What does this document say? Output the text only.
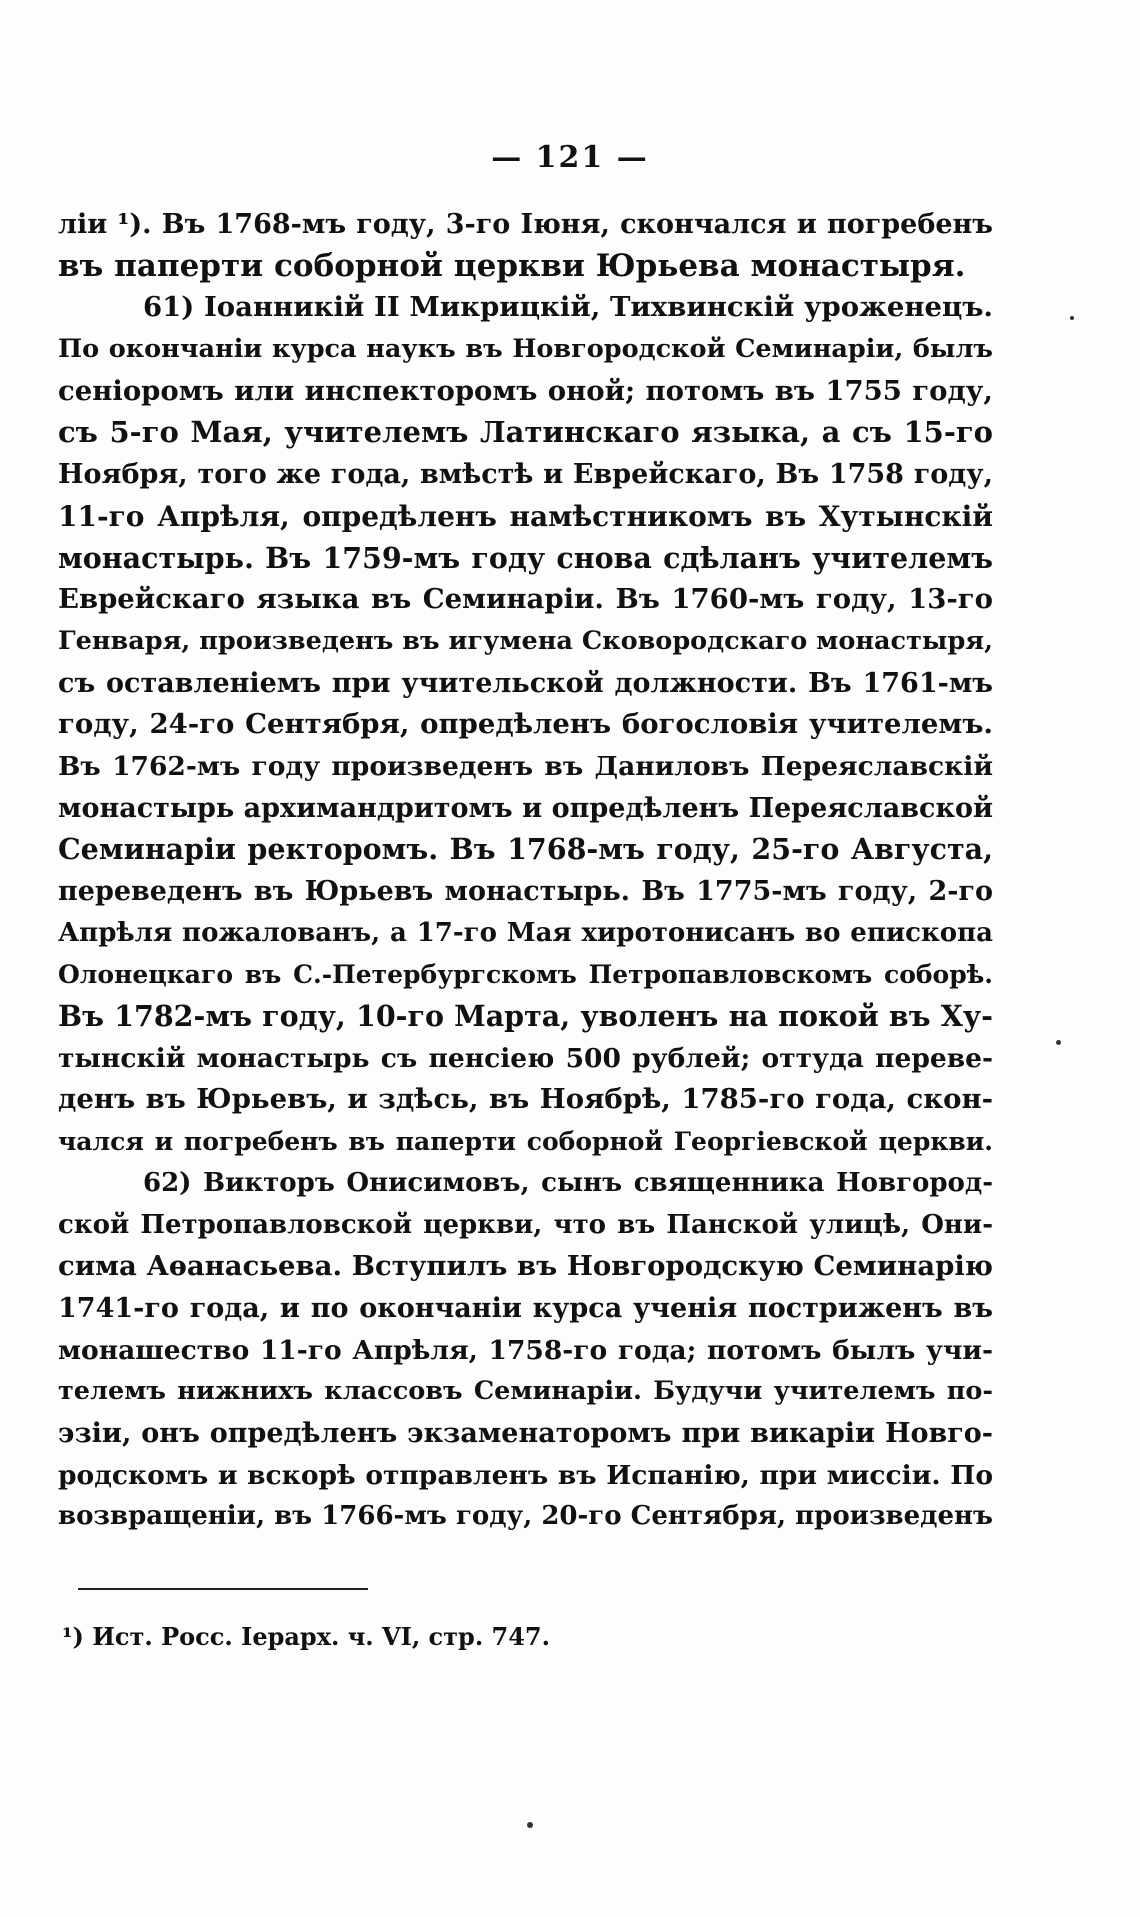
— 121 —
ліи ¹). Въ 1768-мъ году, 3-го Іюня, скончался и погребенъ
въ паперти соборной церкви Юрьева монастыря.
61) Іоанникій II Микрицкій, Тихвинскій уроженецъ.
По окончаніи курса наукъ въ Новгородской Семинаріи, былъ
сеніоромъ или инспекторомъ оной; потомъ въ 1755 году,
съ 5-го Мая, учителемъ Латинскаго языка, а съ 15-го
Ноября, того же года, вмѣстѣ и Еврейскаго, Въ 1758 году,
11-го Апрѣля, опредѣленъ намѣстникомъ въ Хутынскій
монастырь. Въ 1759-мъ году снова сдѣланъ учителемъ
Еврейскаго языка въ Семинаріи. Въ 1760-мъ году, 13-го
Генваря, произведенъ въ игумена Сковородскаго монастыря,
съ оставленіемъ при учительской должности. Въ 1761-мъ
году, 24-го Сентября, опредѣленъ богословія учителемъ.
Въ 1762-мъ году произведенъ въ Даниловъ Переяславскій
монастырь архимандритомъ и опредѣленъ Переяславской
Семинаріи ректоромъ. Въ 1768-мъ году, 25-го Августа,
переведенъ въ Юрьевъ монастырь. Въ 1775-мъ году, 2-го
Апрѣля пожалованъ, а 17-го Мая хиротонисанъ во епископа
Олонецкаго въ С.-Петербургскомъ Петропавловскомъ соборѣ.
Въ 1782-мъ году, 10-го Марта, уволенъ на покой въ Ху-
тынскій монастырь съ пенсіею 500 рублей; оттуда переве-
денъ въ Юрьевъ, и здѣсь, въ Ноябрѣ, 1785-го года, скон-
чался и погребенъ въ паперти соборной Георгіевской церкви.
62) Викторъ Онисимовъ, сынъ священника Новгород-
ской Петропавловской церкви, что въ Панской улицѣ, Они-
сима Аѳанасьева. Вступилъ въ Новгородскую Семинарію
1741-го года, и по окончаніи курса ученія постриженъ въ
монашество 11-го Апрѣля, 1758-го года; потомъ былъ учи-
телемъ нижнихъ классовъ Семинаріи. Будучи учителемъ по-
эзіи, онъ опредѣленъ экзаменаторомъ при викаріи Новго-
родскомъ и вскорѣ отправленъ въ Испанію, при миссіи. По
возвращеніи, въ 1766-мъ году, 20-го Сентября, произведенъ
¹) Ист. Росс. Іерарх. ч. VI, стр. 747.
